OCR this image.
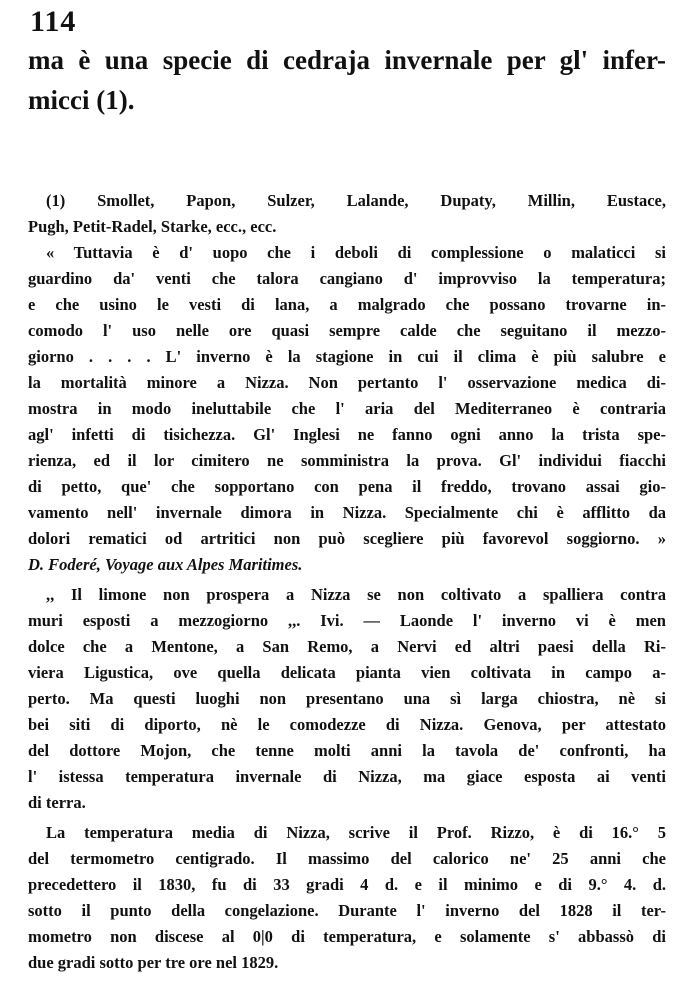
114
ma è una specie di cedraja invernale per gl' infer-
micci (1).
(1) Smollet, Papon, Sulzer, Lalande, Dupaty, Millin, Eustace,
Pugh, Petit-Radel, Starke, ecc., ecc.
« Tuttavia è d' uopo che i deboli di complessione o malaticci si
guardino da' venti che talora cangiano d' improvviso la temperatura;
e che usino le vesti di lana, a malgrado che possano trovarne in-
comodo l' uso nelle ore quasi sempre calde che seguitano il mezzo-
giorno . . . . L' inverno è la stagione in cui il clima è più salubre e
la mortalità minore a Nizza. Non pertanto l' osservazione medica di-
mostra in modo ineluttabile che l' aria del Mediterraneo è contraria
agl' infetti di tisichezza. Gl' Inglesi ne fanno ogni anno la trista spe-
rienza, ed il lor cimitero ne somministra la prova. Gl' individui fiacchi
di petto, que' che sopportano con pena il freddo, trovano assai gio-
vamento nell' invernale dimora in Nizza. Specialmente chi è afflitto da
dolori rematici od artritici non può scegliere più favorevol soggiorno. »
D. Foderé, Voyage aux Alpes Maritimes.
,, Il limone non prospera a Nizza se non coltivato a spalliera contra
muri esposti a mezzogiorno ,,. Ivi. — Laonde l' inverno vi è men
dolce che a Mentone, a San Remo, a Nervi ed altri paesi della Ri-
viera Ligustica, ove quella delicata pianta vien coltivata in campo a-
perto. Ma questi luoghi non presentano una sì larga chiostra, nè si
bei siti di diporto, nè le comodezze di Nizza. Genova, per attestato
del dottore Mojon, che tenne molti anni la tavola de' confronti, ha
l' istessa temperatura invernale di Nizza, ma giace esposta ai venti
di terra.
La temperatura media di Nizza, scrive il Prof. Rizzo, è di 16.° 5
del termometro centigrado. Il massimo del calorico ne' 25 anni che
precedettero il 1830, fu di 33 gradi 4 d. e il minimo e di 9.° 4. d.
sotto il punto della congelazione. Durante l' inverno del 1828 il ter-
mometro non discese al 0|0 di temperatura, e solamente s' abbassò di
due gradi sotto per tre ore nel 1829.
